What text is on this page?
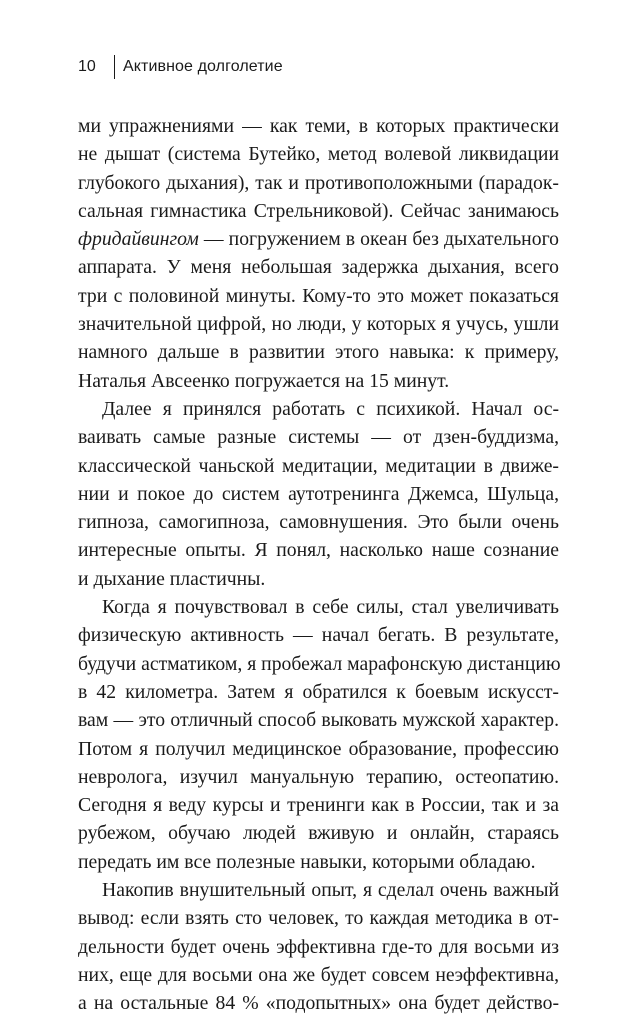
10	Активное долголетие
ми упражнениями — как теми, в которых практически
не дышат (система Бутейко, метод волевой ликвидации
глубокого дыхания), так и противоположными (парадок-
сальная гимнастика Стрельниковой). Сейчас занимаюсь
фридайвингом — погружением в океан без дыхательного
аппарата. У меня небольшая задержка дыхания, всего
три с половиной минуты. Кому-то это может показаться
значительной цифрой, но люди, у которых я учусь, ушли
намного дальше в развитии этого навыка: к примеру,
Наталья Авсеенко погружается на 15 минут.
Далее я принялся работать с психикой. Начал ос-
ваивать самые разные системы — от дзен-буддизма,
классической чаньской медитации, медитации в движе-
нии и покое до систем аутотренинга Джемса, Шульца,
гипноза, самогипноза, самовнушения. Это были очень
интересные опыты. Я понял, насколько наше сознание
и дыхание пластичны.
Когда я почувствовал в себе силы, стал увеличивать
физическую активность — начал бегать. В результате,
будучи астматиком, я пробежал марафонскую дистанцию
в 42 километра. Затем я обратился к боевым искусст-
вам — это отличный способ выковать мужской характер.
Потом я получил медицинское образование, профессию
невролога, изучил мануальную терапию, остеопатию.
Сегодня я веду курсы и тренинги как в России, так и за
рубежом, обучаю людей вживую и онлайн, стараясь
передать им все полезные навыки, которыми обладаю.
Накопив внушительный опыт, я сделал очень важный
вывод: если взять сто человек, то каждая методика в от-
дельности будет очень эффективна где-то для восьми из
них, еще для восьми она же будет совсем неэффективна,
а на остальные 84 % «подопытных» она будет действо-
